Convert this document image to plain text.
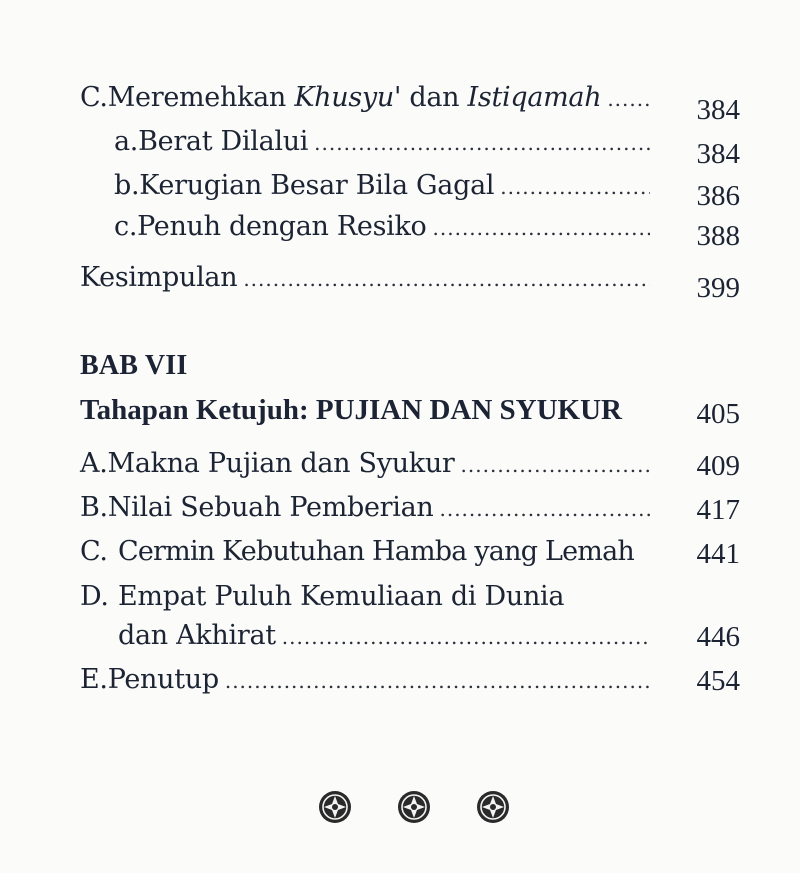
C. Meremehkan Khusyu' dan Istiqamah .....	384
a. Berat Dilalui .....	384
b. Kerugian Besar Bila Gagal .....	386
c. Penuh dengan Resiko .....	388
Kesimpulan .....	399
BAB VII
Tahapan Ketujuh: PUJIAN DAN SYUKUR	405
A. Makna Pujian dan Syukur .....	409
B. Nilai Sebuah Pemberian .....	417
C. Cermin Kebutuhan Hamba yang Lemah	441
D. Empat Puluh Kemuliaan di Dunia
dan Akhirat .....	446
E. Penutup .....	454
